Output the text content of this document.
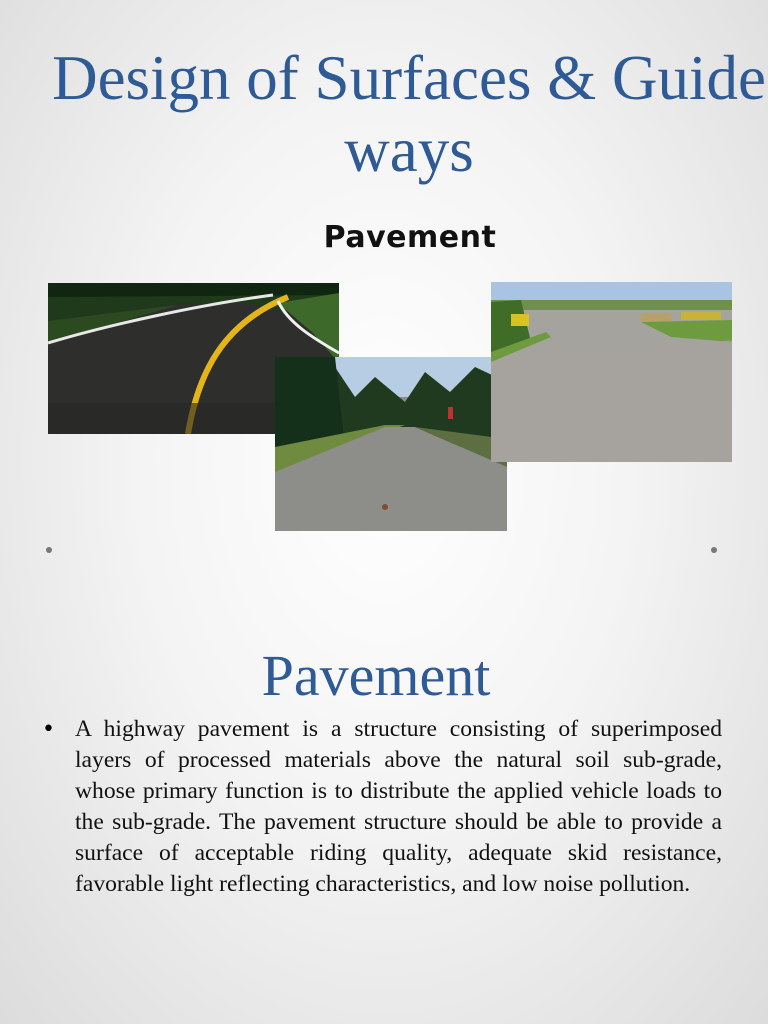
Design of Surfaces & Guide ways
Pavement
Pavement
• A highway pavement is a structure consisting of superimposed layers of processed materials above the natural soil sub-grade, whose primary function is to distribute the applied vehicle loads to the sub-grade. The pavement structure should be able to provide a surface of acceptable riding quality, adequate skid resistance, favorable light reflecting characteristics, and low noise pollution.
